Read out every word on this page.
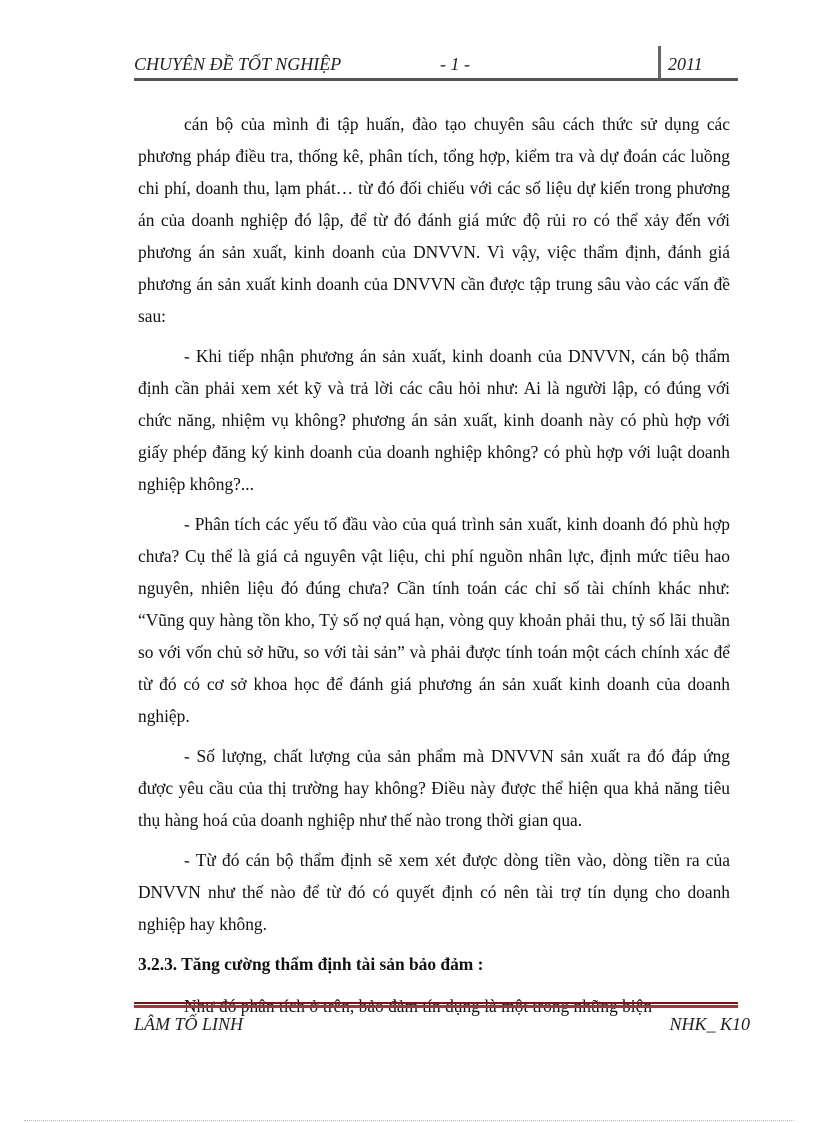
CHUYÊN ĐỀ TỐT NGHIỆP	- 1 -	2011

cán bộ của mình đi tập huấn, đào tạo chuyên sâu cách thức sử dụng các phương pháp điều tra, thống kê, phân tích, tổng hợp, kiểm tra và dự đoán các luồng chi phí, doanh thu, lạm phát… từ đó đối chiếu với các số liệu dự kiến trong phương án của doanh nghiệp đó lập, để từ đó đánh giá mức độ rủi ro có thể xảy đến với phương án sản xuất, kinh doanh của DNVVN. Vì vậy, việc thẩm định, đánh giá phương án sản xuất kinh doanh của DNVVN cần được tập trung sâu vào các vấn đề sau:

- Khi tiếp nhận phương án sản xuất, kinh doanh của DNVVN, cán bộ thẩm định cần phải xem xét kỹ và trả lời các câu hỏi như: Ai là người lập, có đúng với chức năng, nhiệm vụ không? phương án sản xuất, kinh doanh này có phù hợp với giấy phép đăng ký kinh doanh của doanh nghiệp không? có phù hợp với luật doanh nghiệp không?...

- Phân tích các yếu tố đầu vào của quá trình sản xuất, kinh doanh đó phù hợp chưa? Cụ thể là giá cả nguyên vật liệu, chi phí nguồn nhân lực, định mức tiêu hao nguyên, nhiên liệu đó đúng chưa? Cần tính toán các chỉ số tài chính khác như: “Vũng quy hàng tồn kho, Tỷ số nợ quá hạn, vòng quy khoản phải thu, tỷ số lãi thuần so với vốn chủ sở hữu, so với tài sản” và phải được tính toán một cách chính xác để từ đó có cơ sở khoa học để đánh giá phương án sản xuất kinh doanh của doanh nghiệp.

- Số lượng, chất lượng của sản phẩm mà DNVVN sản xuất ra đó đáp ứng được yêu cầu của thị trường hay không? Điều này được thể hiện qua khả năng tiêu thụ hàng hoá của doanh nghiệp như thế nào trong thời gian qua.

- Từ đó cán bộ thẩm định sẽ xem xét được dòng tiền vào, dòng tiền ra của DNVVN như thế nào để từ đó có quyết định có nên tài trợ tín dụng cho doanh nghiệp hay không.

3.2.3. Tăng cường thẩm định tài sản bảo đảm :

LÂM TỐ LINH	NHK_ K10
